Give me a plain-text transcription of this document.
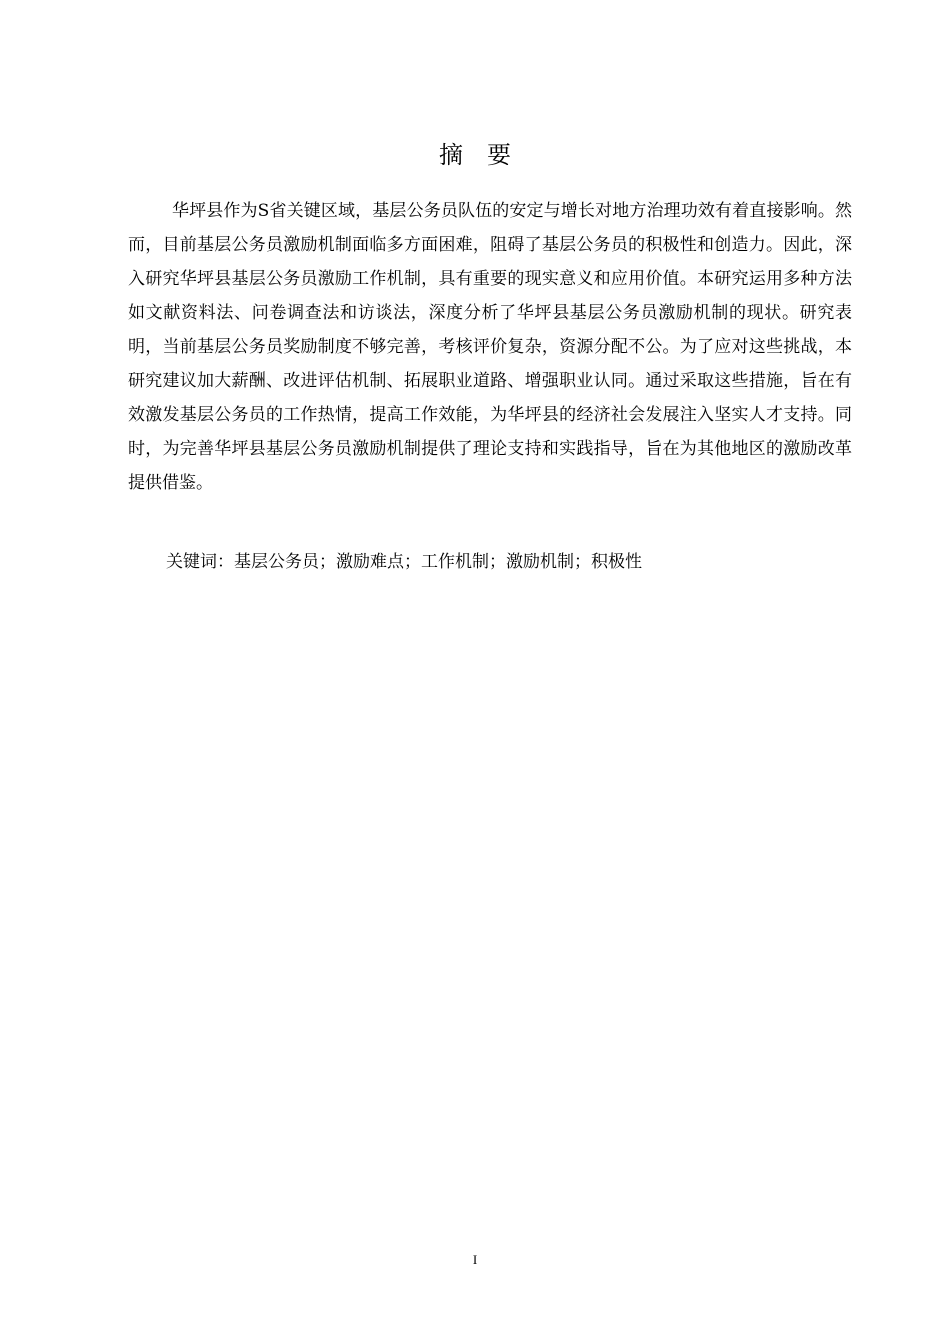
摘要

华坪县作为S省关键区域，基层公务员队伍的安定与增长对地方治理功效有着直接影响。然而，目前基层公务员激励机制面临多方面困难，阻碍了基层公务员的积极性和创造力。因此，深入研究华坪县基层公务员激励工作机制，具有重要的现实意义和应用价值。本研究运用多种方法如文献资料法、问卷调查法和访谈法，深度分析了华坪县基层公务员激励机制的现状。研究表明，当前基层公务员奖励制度不够完善，考核评价复杂，资源分配不公。为了应对这些挑战，本研究建议加大薪酬、改进评估机制、拓展职业道路、增强职业认同。通过采取这些措施，旨在有效激发基层公务员的工作热情，提高工作效能，为华坪县的经济社会发展注入坚实人才支持。同时，为完善华坪县基层公务员激励机制提供了理论支持和实践指导，旨在为其他地区的激励改革提供借鉴。

关键词：基层公务员；激励难点；工作机制；激励机制；积极性
I
